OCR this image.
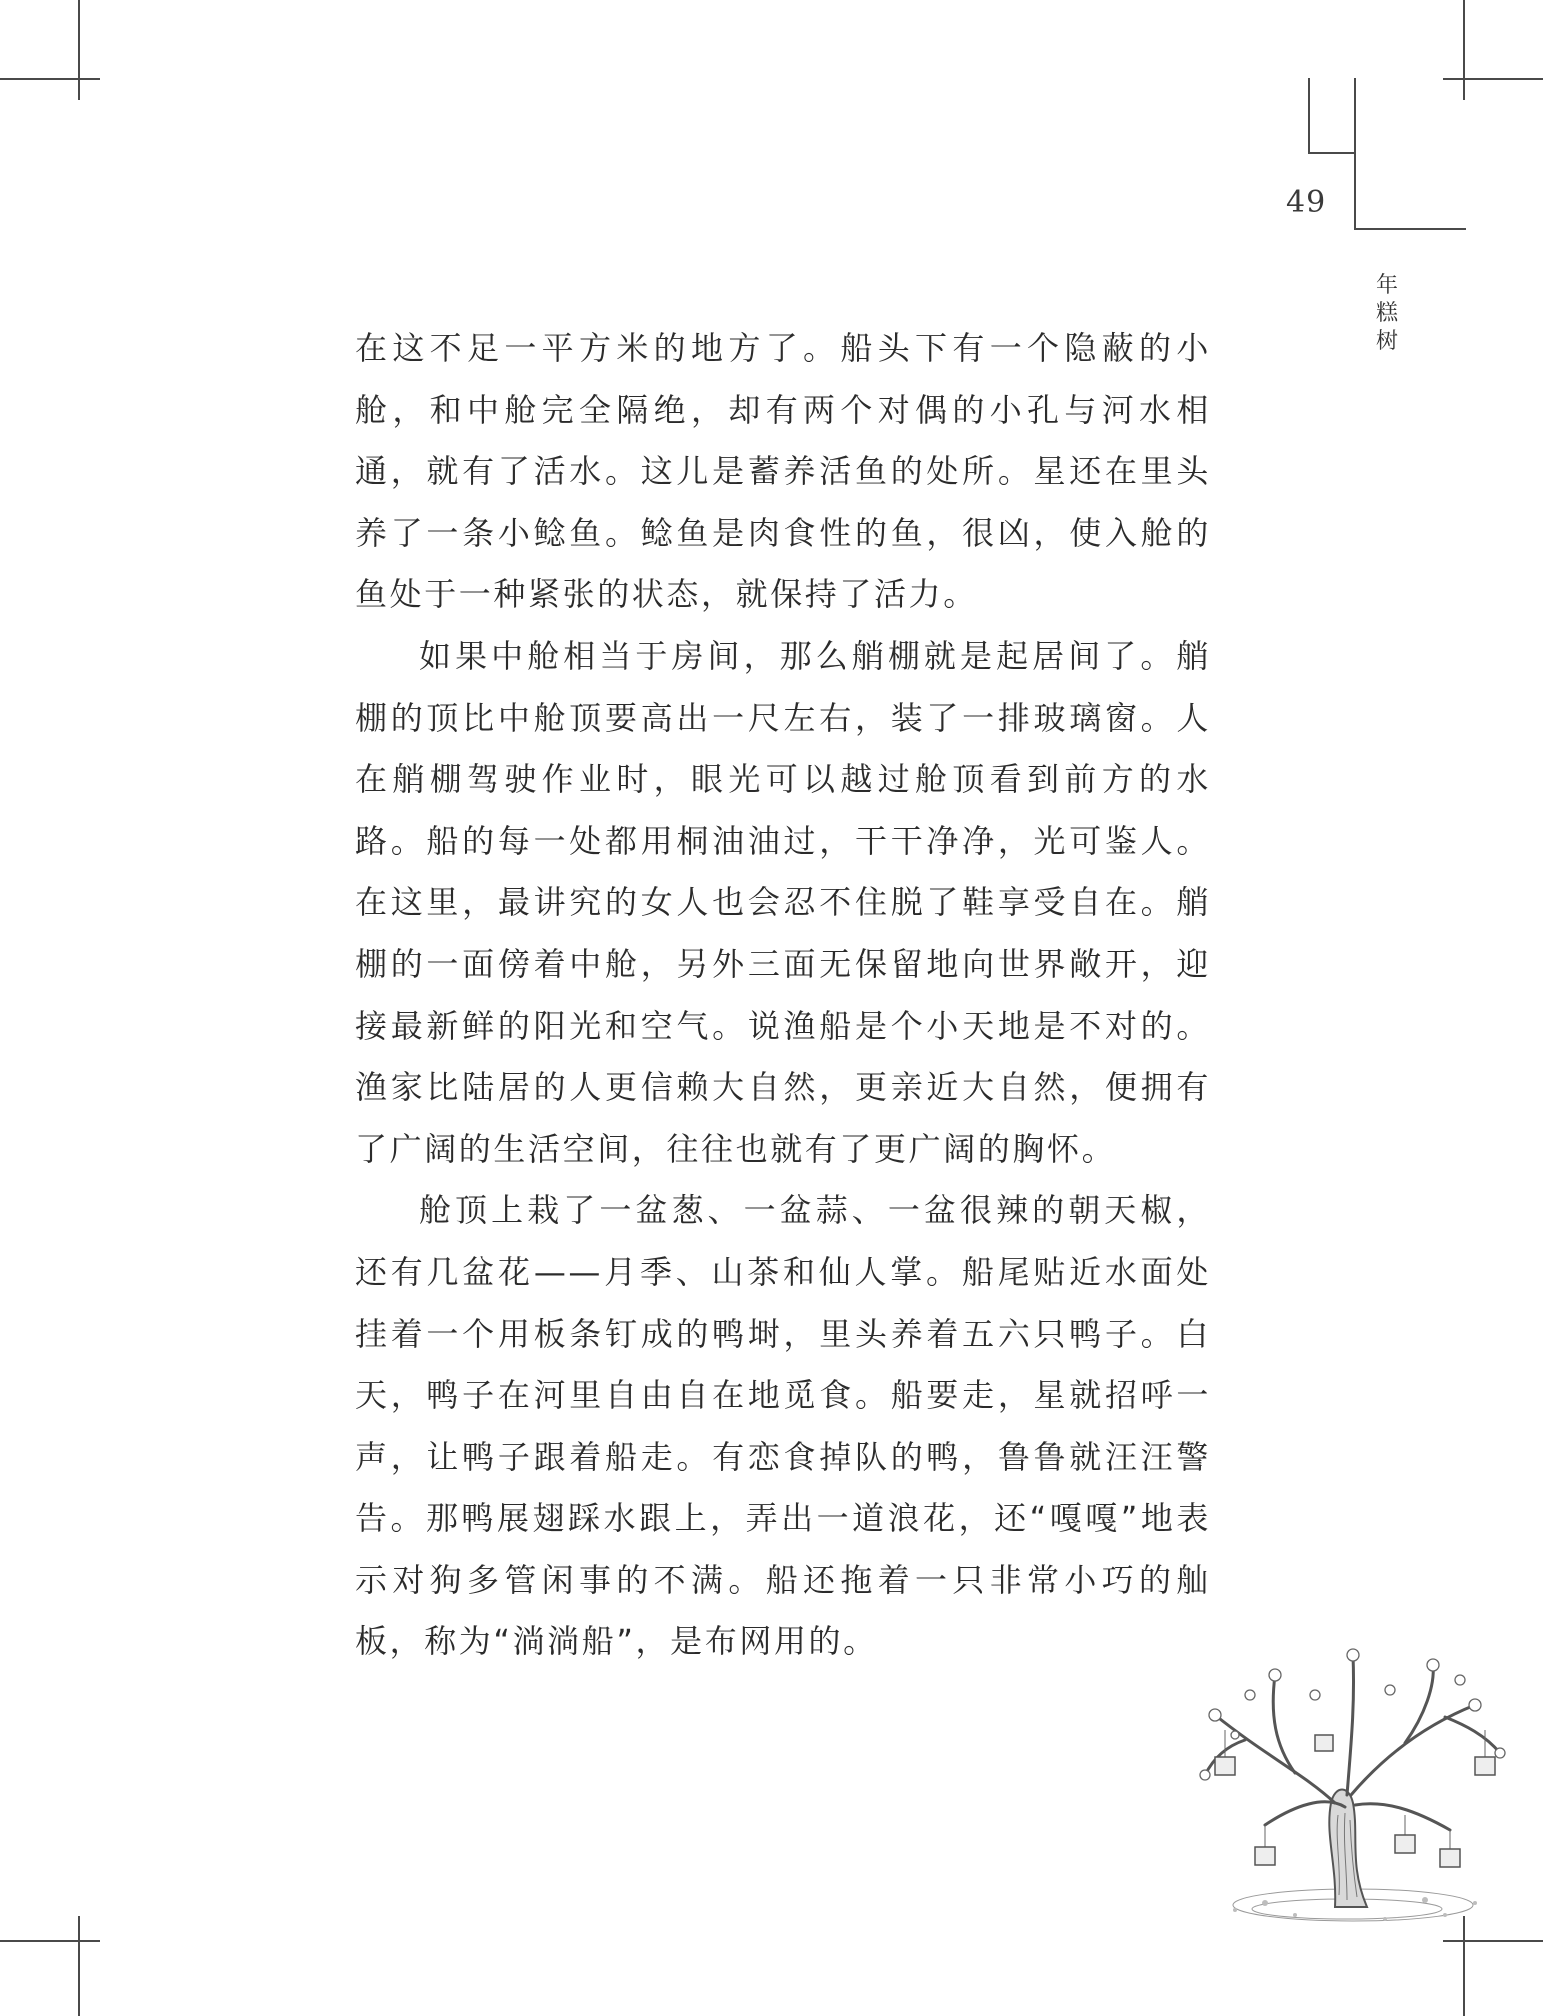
49
年
糕
树

在这不足一平方米的地方了。船头下有一个隐蔽的小舱，和中舱完全隔绝，却有两个对偶的小孔与河水相通，就有了活水。这儿是蓄养活鱼的处所。星还在里头养了一条小鲶鱼。鲶鱼是肉食性的鱼，很凶，使入舱的鱼处于一种紧张的状态，就保持了活力。

如果中舱相当于房间，那么艄棚就是起居间了。艄棚的顶比中舱顶要高出一尺左右，装了一排玻璃窗。人在艄棚驾驶作业时，眼光可以越过舱顶看到前方的水路。船的每一处都用桐油油过，干干净净，光可鉴人。在这里，最讲究的女人也会忍不住脱了鞋享受自在。艄棚的一面傍着中舱，另外三面无保留地向世界敞开，迎接最新鲜的阳光和空气。说渔船是个小天地是不对的。渔家比陆居的人更信赖大自然，更亲近大自然，便拥有了广阔的生活空间，往往也就有了更广阔的胸怀。

舱顶上栽了一盆葱、一盆蒜、一盆很辣的朝天椒，还有几盆花——月季、山茶和仙人掌。船尾贴近水面处挂着一个用板条钉成的鸭埘，里头养着五六只鸭子。白天，鸭子在河里自由自在地觅食。船要走，星就招呼一声，让鸭子跟着船走。有恋食掉队的鸭，鲁鲁就汪汪警告。那鸭展翅踩水跟上，弄出一道浪花，还“嘎嘎”地表示对狗多管闲事的不满。船还拖着一只非常小巧的舢板，称为“淌淌船”，是布网用的。
